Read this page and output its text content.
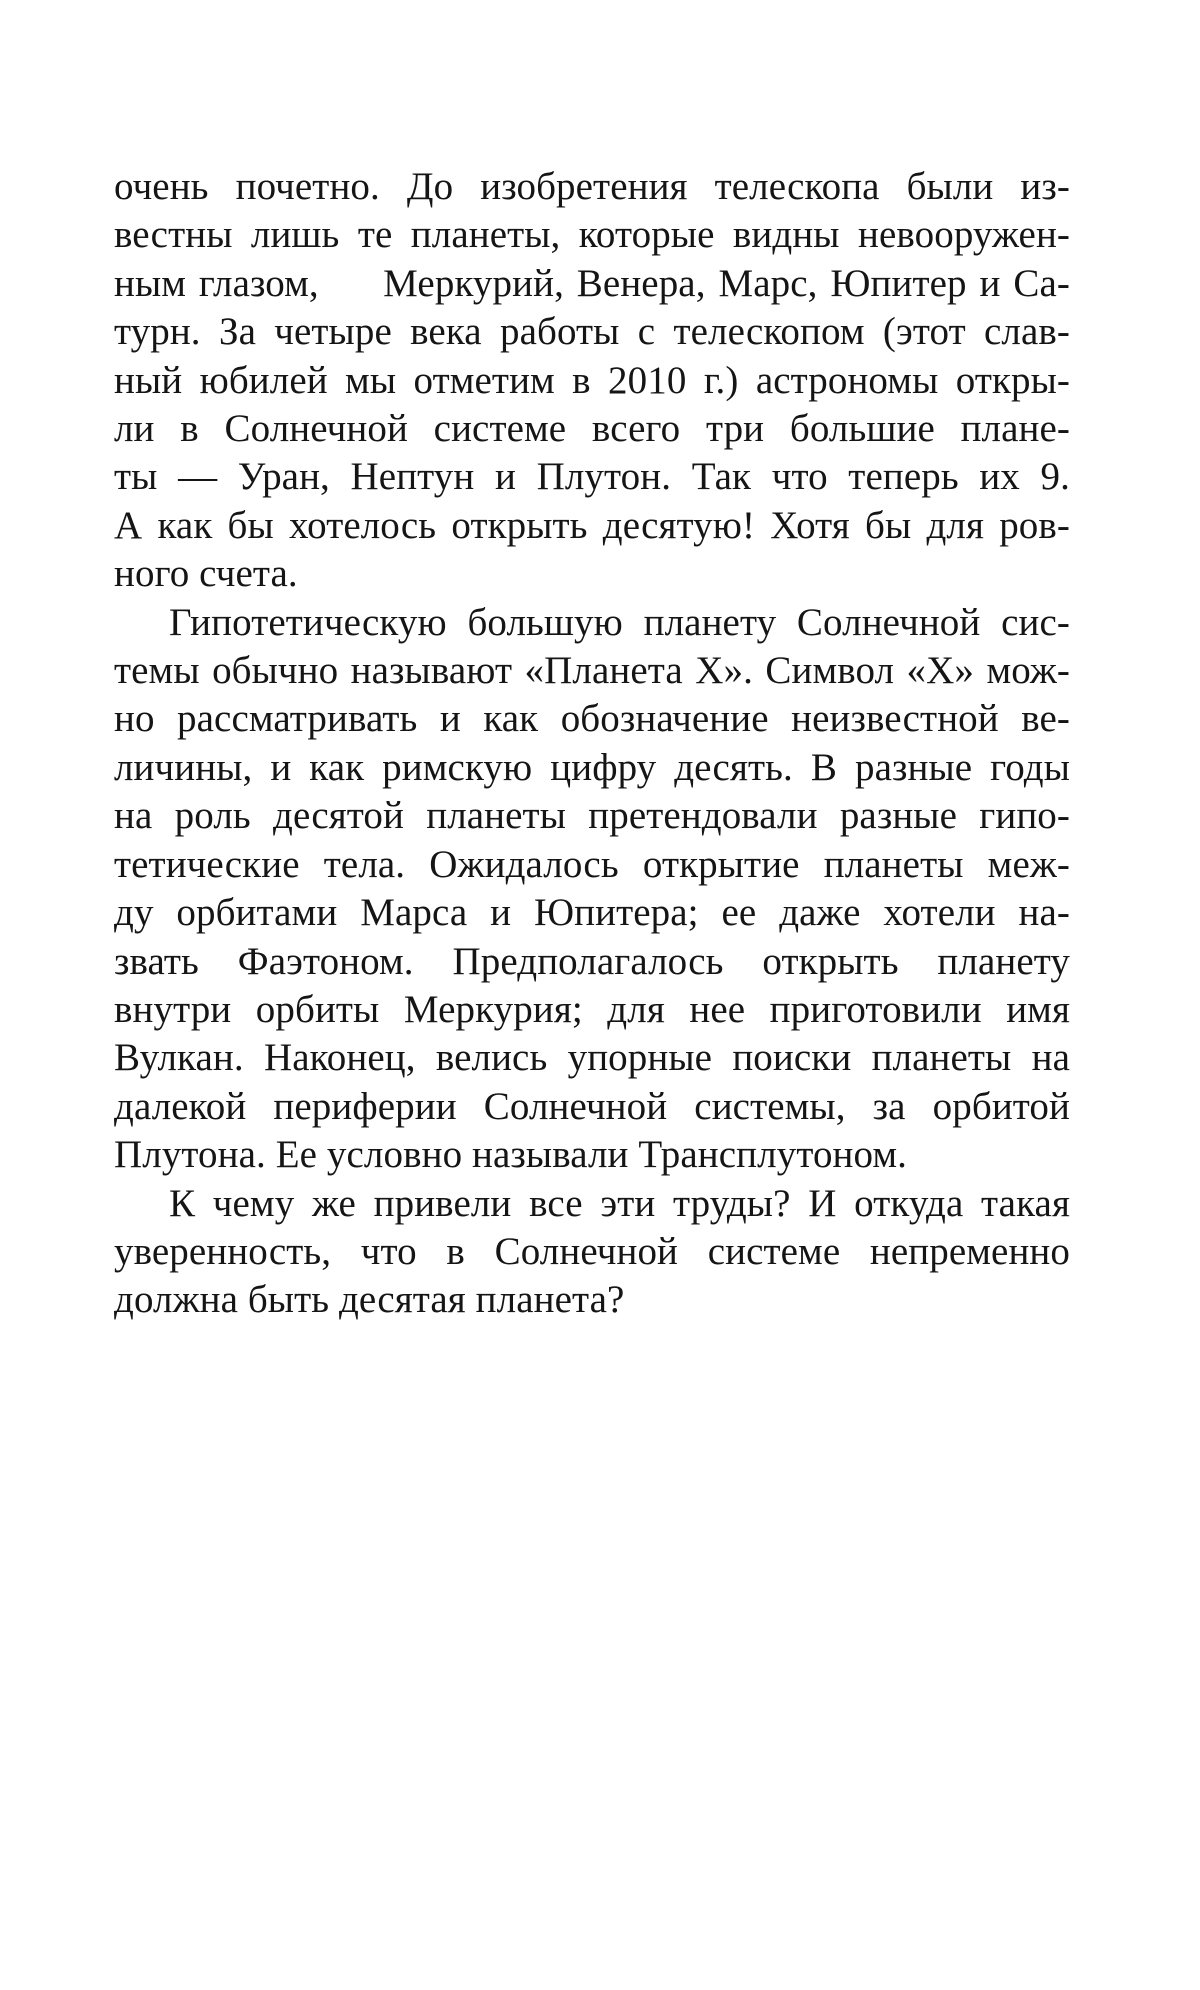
очень почетно. До изобретения телескопа были из-
вестны лишь те планеты, которые видны невооружен-
ным глазом,     Меркурий, Венера, Марс, Юпитер и Са-
турн. За четыре века работы с телескопом (этот слав-
ный юбилей мы отметим в 2010 г.) астрономы откры-
ли в Солнечной системе всего три большие плане-
ты — Уран, Нептун и Плутон. Так что теперь их 9.
А как бы хотелось открыть десятую! Хотя бы для ров-
ного счета.

Гипотетическую большую планету Солнечной сис-
темы обычно называют «Планета X». Символ «X» мож-
но рассматривать и как обозначение неизвестной ве-
личины, и как римскую цифру десять. В разные годы
на роль десятой планеты претендовали разные гипо-
тетические тела. Ожидалось открытие планеты меж-
ду орбитами Марса и Юпитера; ее даже хотели на-
звать Фаэтоном. Предполагалось открыть планету
внутри орбиты Меркурия; для нее приготовили имя
Вулкан. Наконец, велись упорные поиски планеты на
далекой периферии Солнечной системы, за орбитой
Плутона. Ее условно называли Трансплутоном.

К чему же привели все эти труды? И откуда такая
уверенность, что в Солнечной системе непременно
должна быть десятая планета?
